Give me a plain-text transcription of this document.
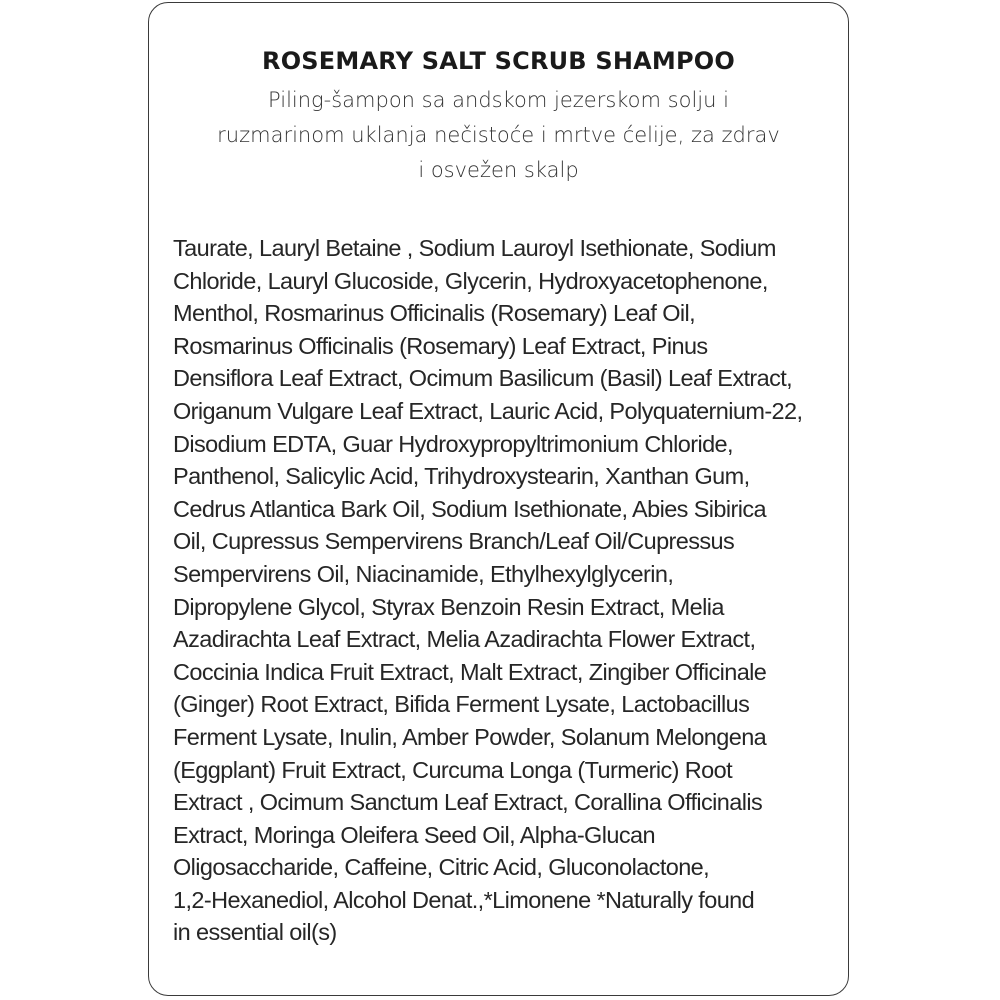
ROSEMARY SALT SCRUB SHAMPOO

Piling-šampon sa andskom jezerskom solju i
ruzmarinom uklanja nečistoće i mrtve ćelije, za zdrav
i osvežen skalp

Taurate, Lauryl Betaine , Sodium Lauroyl Isethionate, Sodium
Chloride, Lauryl Glucoside, Glycerin, Hydroxyacetophenone,
Menthol, Rosmarinus Officinalis (Rosemary) Leaf Oil,
Rosmarinus Officinalis (Rosemary) Leaf Extract, Pinus
Densiflora Leaf Extract, Ocimum Basilicum (Basil) Leaf Extract,
Origanum Vulgare Leaf Extract, Lauric Acid, Polyquaternium-22,
Disodium EDTA, Guar Hydroxypropyltrimonium Chloride,
Panthenol, Salicylic Acid, Trihydroxystearin, Xanthan Gum,
Cedrus Atlantica Bark Oil, Sodium Isethionate, Abies Sibirica
Oil, Cupressus Sempervirens Branch/Leaf Oil/Cupressus
Sempervirens Oil, Niacinamide, Ethylhexylglycerin,
Dipropylene Glycol, Styrax Benzoin Resin Extract, Melia
Azadirachta Leaf Extract, Melia Azadirachta Flower Extract,
Coccinia Indica Fruit Extract, Malt Extract, Zingiber Officinale
(Ginger) Root Extract, Bifida Ferment Lysate, Lactobacillus
Ferment Lysate, Inulin, Amber Powder, Solanum Melongena
(Eggplant) Fruit Extract, Curcuma Longa (Turmeric) Root
Extract , Ocimum Sanctum Leaf Extract, Corallina Officinalis
Extract, Moringa Oleifera Seed Oil, Alpha-Glucan
Oligosaccharide, Caffeine, Citric Acid, Gluconolactone,
1,2-Hexanediol, Alcohol Denat.,*Limonene *Naturally found
in essential oil(s)
